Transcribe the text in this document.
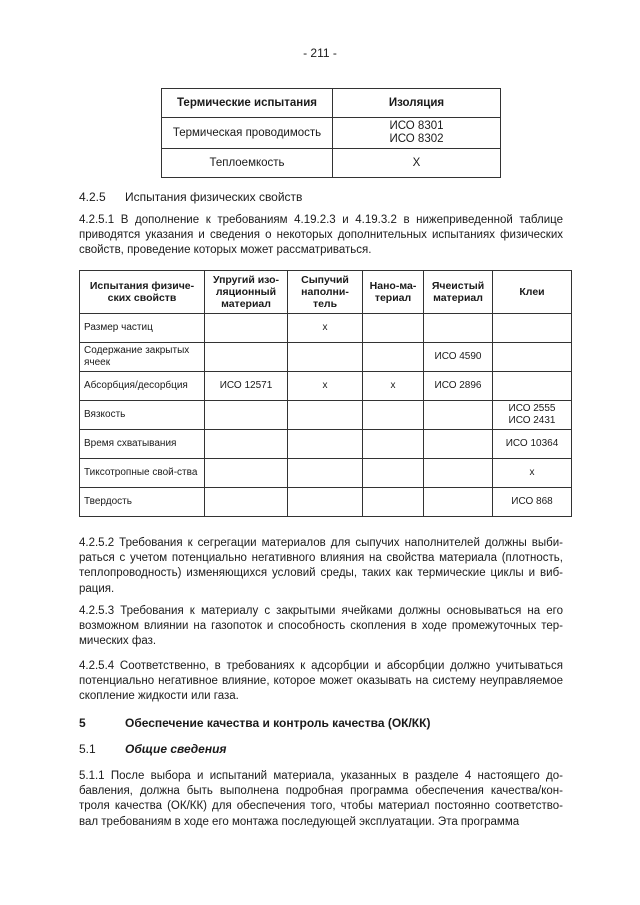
- 211 -
Термические испытания	Изоляция
Термическая проводимость	ИСО 8301
ИСО 8302

Теплоемкость	X
4.2.5 Испытания физических свойств
4.2.5.1 В дополнение к требованиям 4.19.2.3 и 4.19.3.2 в нижеприведенной таблице приводятся указания и сведения о некоторых дополнительных испытаниях физических свойств, проведение которых может рассматриваться.
Испытания физиче-ских свойств	Упругий изо-ляционный материал	Сыпучий наполни-тель	Нано-ма-териал	Ячеистый материал	Клеи

Размер частиц		x			

Содержание закрытых ячеек				ИСО 4590	

Абсорбция/десорбция	ИСО 12571	x	x	ИСО 2896	

Вязкость					ИСО 2555
ИСО 2431

Время схватывания					ИСО 10364

Тиксотропные свой-ства					x

Твердость					ИСО 868
4.2.5.2 Требования к сегрегации материалов для сыпучих наполнителей должны выби-раться с учетом потенциально негативного влияния на свойства материала (плотность, теплопроводность) изменяющихся условий среды, таких как термические циклы и виб-рация.
4.2.5.3 Требования к материалу с закрытыми ячейками должны основываться на его возможном влиянии на газопоток и способность скопления в ходе промежуточных тер-мических фаз.
4.2.5.4 Соответственно, в требованиях к адсорбции и абсорбции должно учитываться потенциально негативное влияние, которое может оказывать на систему неуправляемое скопление жидкости или газа.
5	Обеспечение качества и контроль качества (ОК/КК)
5.1 Общие сведения
5.1.1 После выбора и испытаний материала, указанных в разделе 4 настоящего до-бавления, должна быть выполнена подробная программа обеспечения качества/кон-троля качества (ОК/КК) для обеспечения того, чтобы материал постоянно соответство-вал требованиям в ходе его монтажа последующей эксплуатации. Эта программа
